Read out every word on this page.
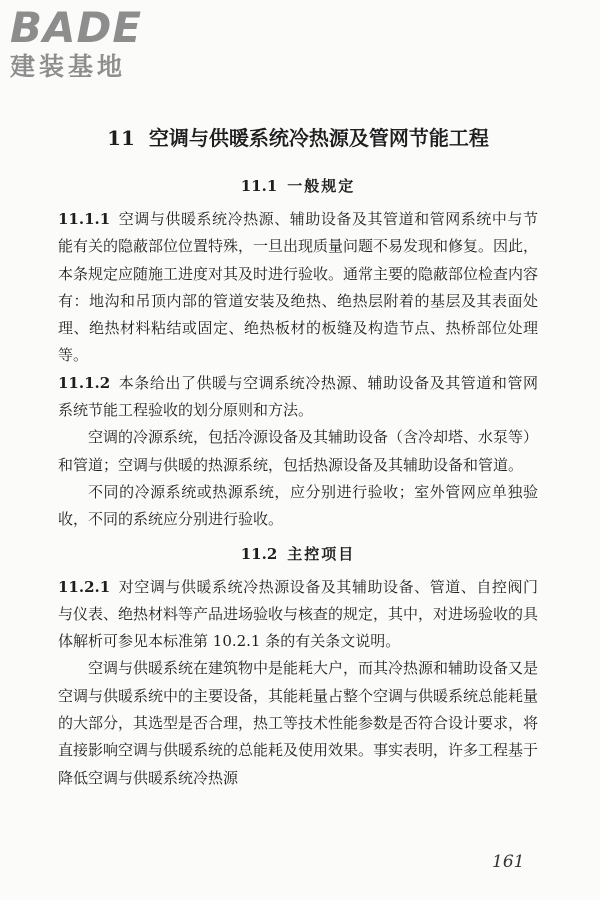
BADE
建装基地
11 空调与供暖系统冷热源及管网节能工程
11.1 一般规定

11.1.1 空调与供暖系统冷热源、辅助设备及其管道和管网系统中与节能有关的隐蔽部位位置特殊，一旦出现质量问题不易发现和修复。因此，本条规定应随施工进度对其及时进行验收。通常主要的隐蔽部位检查内容有：地沟和吊顶内部的管道安装及绝热、绝热层附着的基层及其表面处理、绝热材料粘结或固定、绝热板材的板缝及构造节点、热桥部位处理等。

11.1.2 本条给出了供暖与空调系统冷热源、辅助设备及其管道和管网系统节能工程验收的划分原则和方法。

空调的冷源系统，包括冷源设备及其辅助设备（含冷却塔、水泵等）和管道；空调与供暖的热源系统，包括热源设备及其辅助设备和管道。

不同的冷源系统或热源系统，应分别进行验收；室外管网应单独验收，不同的系统应分别进行验收。

11.2 主控项目

11.2.1 对空调与供暖系统冷热源设备及其辅助设备、管道、自控阀门与仪表、绝热材料等产品进场验收与核查的规定，其中，对进场验收的具体解析可参见本标准第 10.2.1 条的有关条文说明。

空调与供暖系统在建筑物中是能耗大户，而其冷热源和辅助设备又是空调与供暖系统中的主要设备，其能耗量占整个空调与供暖系统总能耗量的大部分，其选型是否合理，热工等技术性能参数是否符合设计要求，将直接影响空调与供暖系统的总能耗及使用效果。事实表明，许多工程基于降低空调与供暖系统冷热源

161
